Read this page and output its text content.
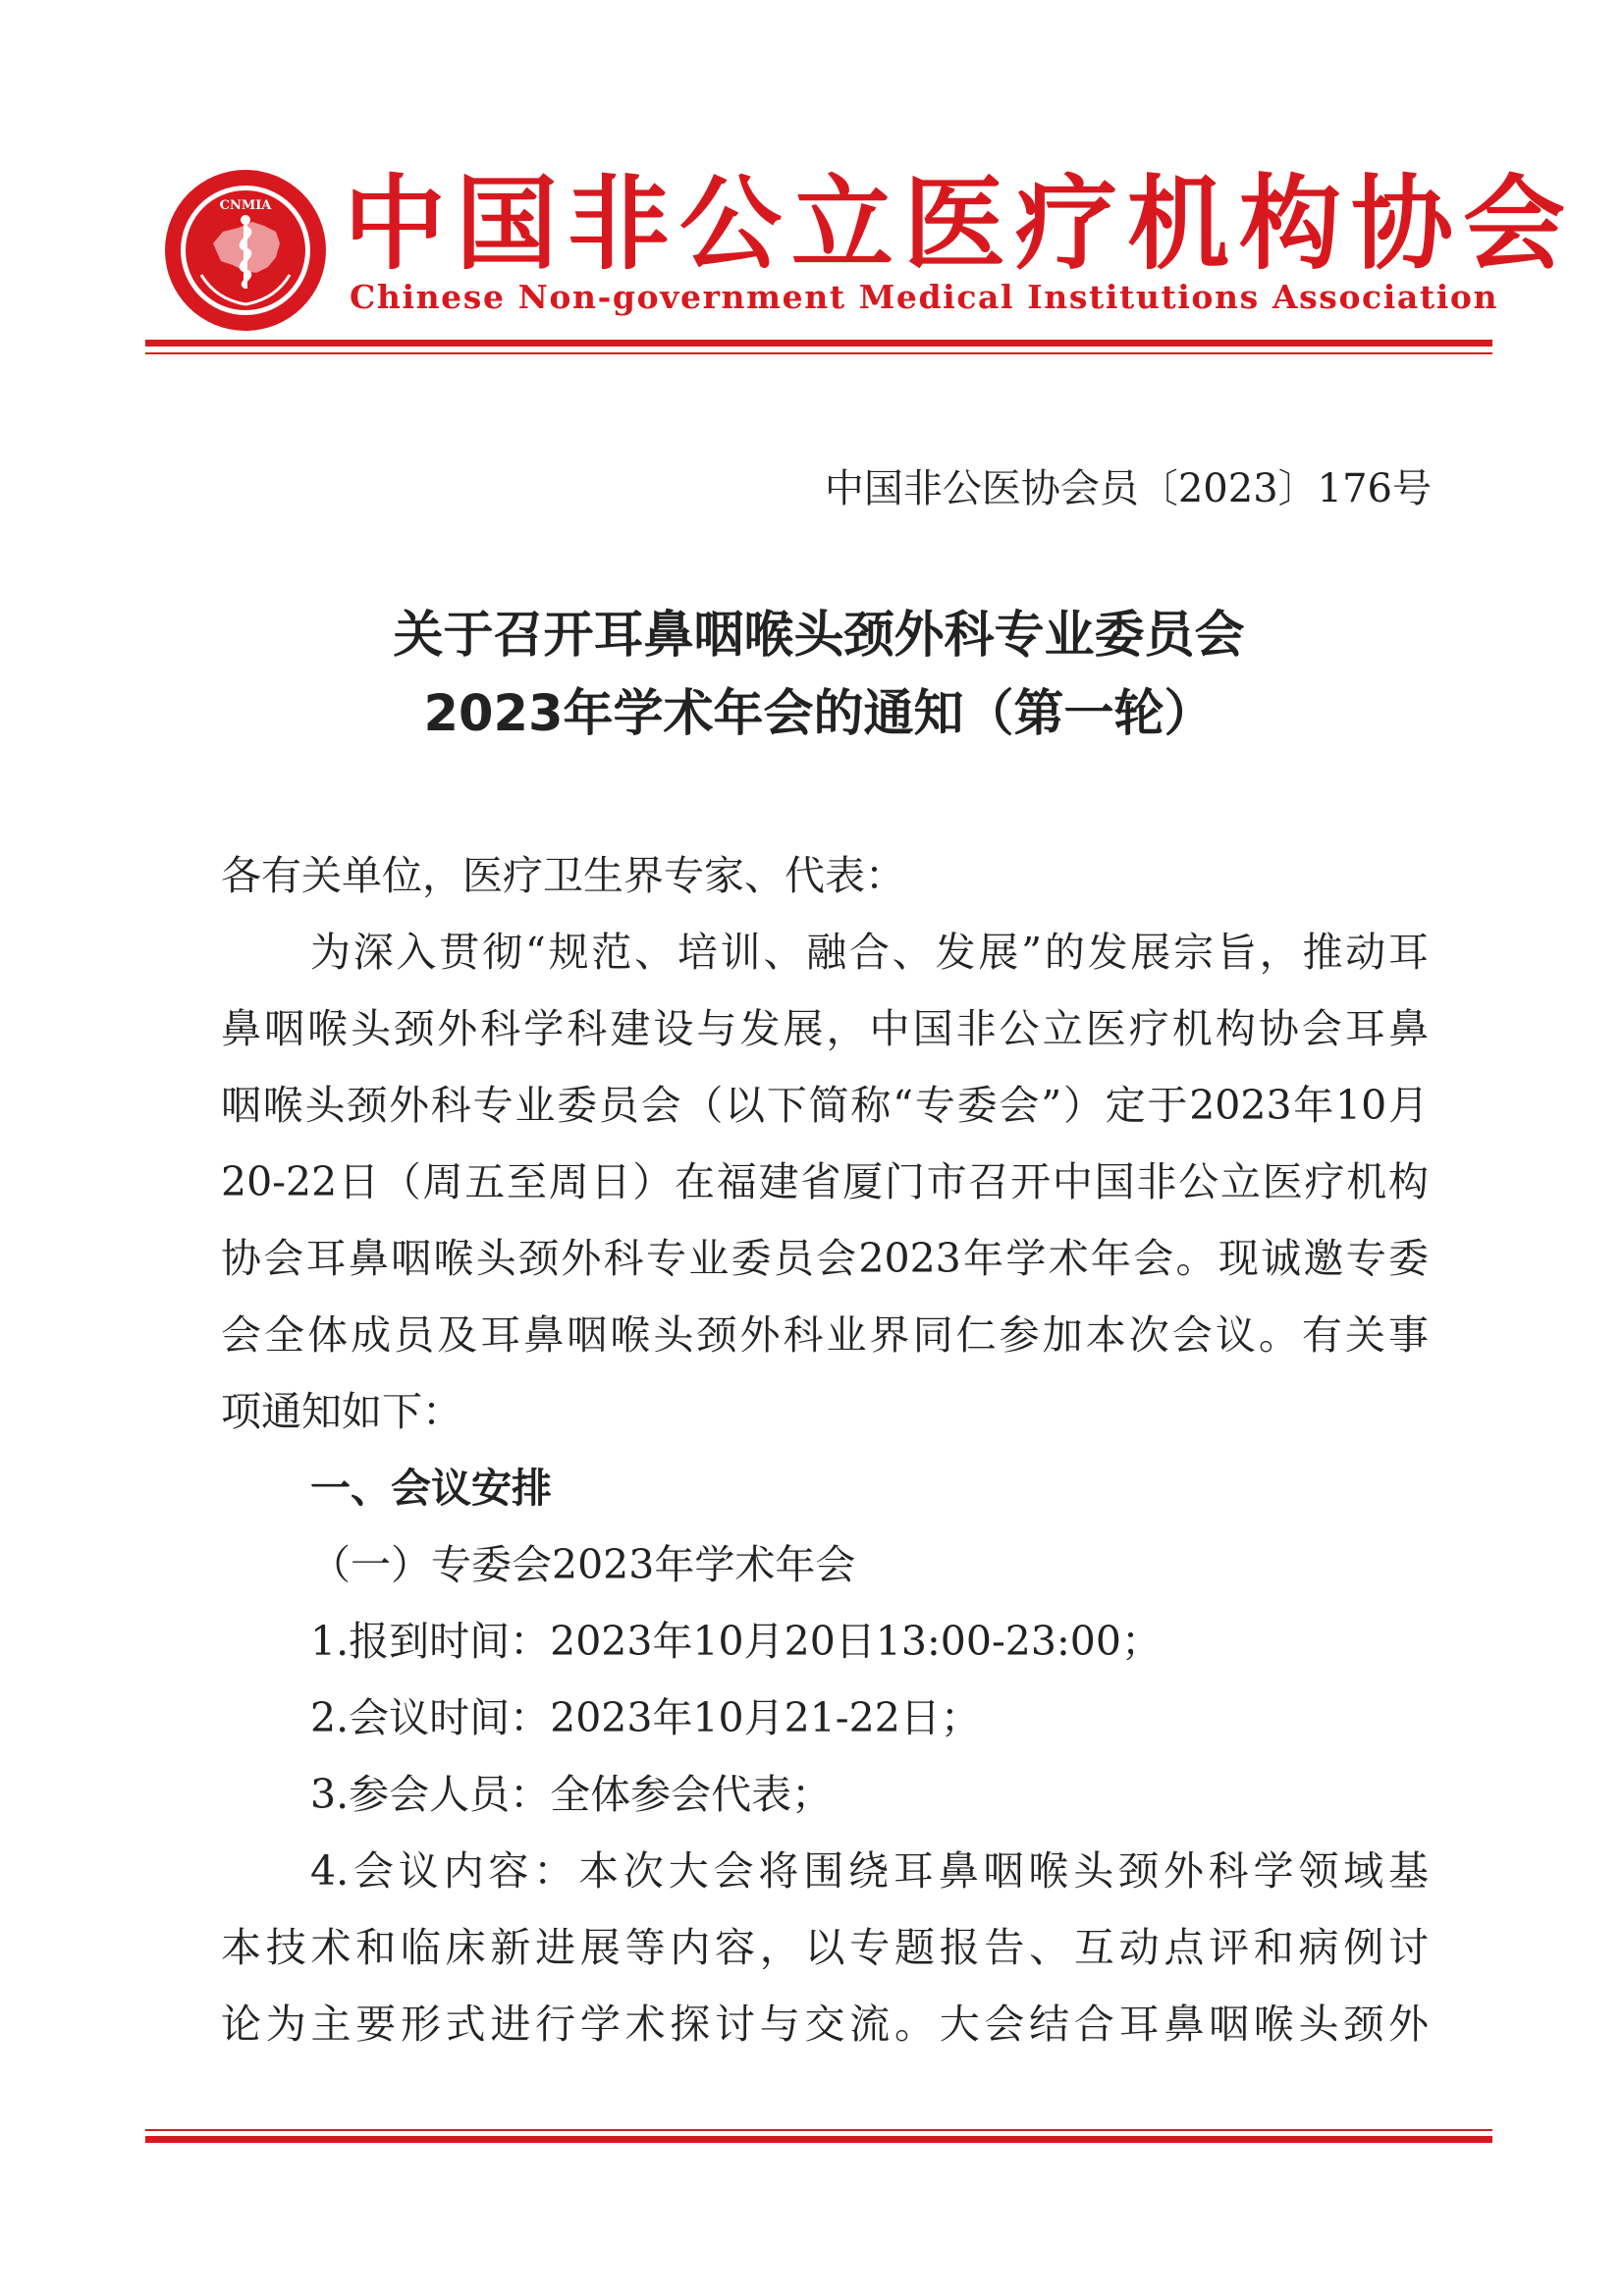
CNMIA 中国非公立医疗机构协会
Chinese Non-government Medical Institutions Association
中国非公医协会员〔2023〕176号
关于召开耳鼻咽喉头颈外科专业委员会
2023年学术年会的通知（第一轮）
各有关单位，医疗卫生界专家、代表：
为深入贯彻“规范、培训、融合、发展”的发展宗旨，推动耳
鼻咽喉头颈外科学科建设与发展，中国非公立医疗机构协会耳鼻
咽喉头颈外科专业委员会（以下简称“专委会”）定于2023年10月
20-22日（周五至周日）在福建省厦门市召开中国非公立医疗机构
协会耳鼻咽喉头颈外科专业委员会2023年学术年会。现诚邀专委
会全体成员及耳鼻咽喉头颈外科业界同仁参加本次会议。有关事
项通知如下：
一、会议安排
（一）专委会2023年学术年会
1.报到时间：2023年10月20日13:00-23:00；
2.会议时间：2023年10月21-22日；
3.参会人员：全体参会代表；
4.会议内容：本次大会将围绕耳鼻咽喉头颈外科学领域基
本技术和临床新进展等内容，以专题报告、互动点评和病例讨
论为主要形式进行学术探讨与交流。大会结合耳鼻咽喉头颈外
